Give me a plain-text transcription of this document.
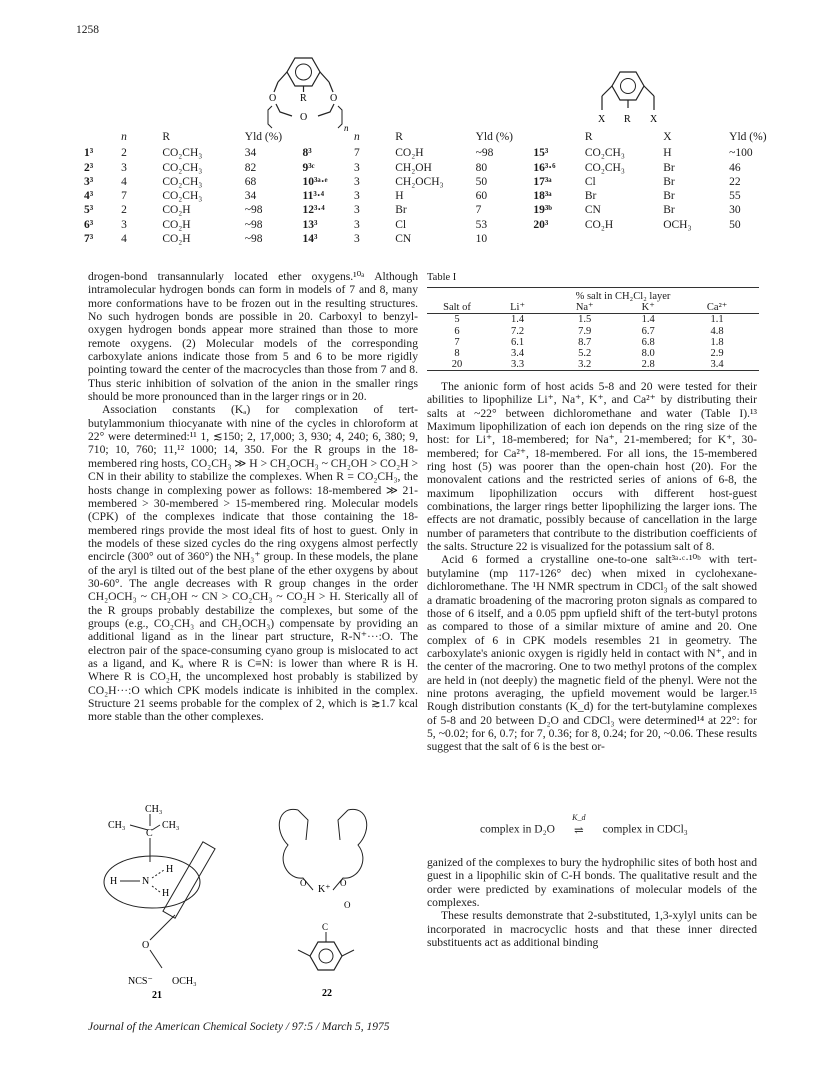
1258
O R O
O
n
X R X
	n	R	Yld (%)		n	R	Yld (%)		R	X	Yld (%)
1³	2	CO₂CH₃	34	8³	7	CO₂H	~98	15³	CO₂CH₃	H	~100
2³	3	CO₂CH₃	82	9³ᶜ	3	CH₂OH	80	16³·⁶	CO₂CH₃	Br	46
3³	4	CO₂CH₃	68	10³ᵃ·ᵉ	3	CH₂OCH₃	50	17³ᵃ	Cl	Br	22
4³	7	CO₂CH₃	34	11³·⁴	3	H	60	18³ᵃ	Br	Br	55
5³	2	CO₂H	~98	12³·⁴	3	Br	7	19³ᵇ	CN	Br	30
6³	3	CO₂H	~98	13³	3	Cl	53	20³	CO₂H	OCH₃	50
7³	4	CO₂H	~98	14³	3	CN	10				

drogen-bond transannularly located ether oxygens.¹⁰ᵃ Although intramolecular hydrogen bonds can form in models of 7 and 8, many more conformations have to be frozen out in the resulting structures. No such hydrogen bonds are possible in 20. Carboxyl to benzyl-oxygen hydrogen bonds appear more strained than those to more remote oxygens. (2) Molecular models of the corresponding carboxylate anions indicate those from 5 and 6 to be more rigidly pointing toward the center of the macrocycles than those from 7 and 8. Thus steric inhibition of solvation of the anion in the smaller rings should be more pronounced than in the larger rings or in 20.

Association constants (Kₐ) for complexation of tert-butylammonium thiocyanate with nine of the cycles in chloroform at 22° were determined:¹¹ 1, ≲150; 2, 17,000; 3, 930; 4, 240; 6, 380; 9, 710; 10, 760; 11,¹² 1000; 14, 350. For the R groups in the 18-membered ring hosts, CO₂CH₃ ≫ H > CH₂OCH₃ ~ CH₂OH > CO₂H > CN in their ability to stabilize the complexes. When R = CO₂CH₃, the hosts change in complexing power as follows: 18-membered ≫ 21-membered > 30-membered > 15-membered ring. Molecular models (CPK) of the complexes indicate that those containing the 18-membered rings provide the most ideal fits of host to guest. Only in the models of these sized cycles do the ring oxygens almost perfectly encircle (300° out of 360°) the NH₃⁺ group. In these models, the plane of the aryl is tilted out of the best plane of the ether oxygens by about 30-60°. The angle decreases with R group changes in the order CH₂OCH₃ ~ CH₂OH ~ CN > CO₂CH₃ ~ CO₂H > H. Sterically all of the R groups probably destabilize the complexes, but some of the groups (e.g., CO₂CH₃ and CH₂OCH₃) compensate by providing an additional ligand as in the linear part structure, R-N⁺···:O. The electron pair of the space-consuming cyano group is mislocated to act as a ligand, and Kₐ where R is C≡N: is lower than where R is H. Where R is CO₂H, the uncomplexed host probably is stabilized by CO₂H···:O which CPK models indicate is inhibited in the complex. Structure 21 seems probable for the complex of 2, which is ≳1.7 kcal more stable than the other complexes.

Table I
	% salt in CH₂Cl₂ layer			
Salt of	Li⁺	Na⁺	K⁺	Ca²⁺
5	1.4	1.5	1.4	1.1
6	7.2	7.9	6.7	4.8
7	6.1	8.7	6.8	1.8
8	3.4	5.2	8.0	2.9
20	3.3	3.2	2.8	3.4

The anionic form of host acids 5-8 and 20 were tested for their abilities to lipophilize Li⁺, Na⁺, K⁺, and Ca²⁺ by distributing their salts at ~22° between dichloromethane and water (Table I).¹³ Maximum lipophilization of each ion depends on the ring size of the host: for Li⁺, 18-membered; for Na⁺, 21-membered; for K⁺, 30-membered; for Ca²⁺, 18-membered. For all ions, the 15-membered ring host (5) was poorer than the open-chain host (20). For the monovalent cations and the restricted series of anions of 6-8, the maximum lipophilization occurs with different host-guest combinations, the larger rings better lipophilizing the larger ions. The effects are not dramatic, possibly because of cancellation in the large number of parameters that contribute to the distribution coefficients of the salts. Structure 22 is visualized for the potassium salt of 8.

Acid 6 formed a crystalline one-to-one salt³ᵃ·ᶜ·¹⁰ᵇ with tert-butylamine (mp 117-126° dec) when mixed in cyclohexane-dichloromethane. The ¹H NMR spectrum in CDCl₃ of the salt showed a dramatic broadening of the macroring proton signals as compared to those of 6 itself, and a 0.05 ppm upfield shift of the tert-butyl protons as compared to those of a similar mixture of amine and 20. One complex of 6 in CPK models resembles 21 in geometry. The carboxylate's anionic oxygen is rigidly held in contact with N⁺, and in the center of the macroring. One to two methyl protons of the complex are held in (not deeply) the magnetic field of the phenyl. Were not the nine protons averaging, the upfield movement would be larger.¹⁵ Rough distribution constants (K_d) for the tert-butylamine complexes of 5-8 and 20 between D₂O and CDCl₃ were determined¹⁴ at 22°: for 5, ~0.02; for 6, 0.7; for 7, 0.36; for 8, 0.24; for 20, ~0.06. These results suggest that the salt of 6 is the best or-

complex in D₂O
K_d
⇌ complex in CDCl₃

ganized of the complexes to bury the hydrophilic sites of both host and guest in a lipophilic skin of C-H bonds. The qualitative result and the order were predicted by examinations of molecular models of the complexes.

These results demonstrate that 2-substituted, 1,3-xylyl units can be incorporated in macrocyclic hosts and that these inner directed substituents act as additional binding

CH₃
CH₃	CH₃
C
N
H
H
H
O
NCS⁻ OCH₃
21
O	O
K⁺
O
C
22
Journal of the American Chemical Society / 97:5 / March 5, 1975
